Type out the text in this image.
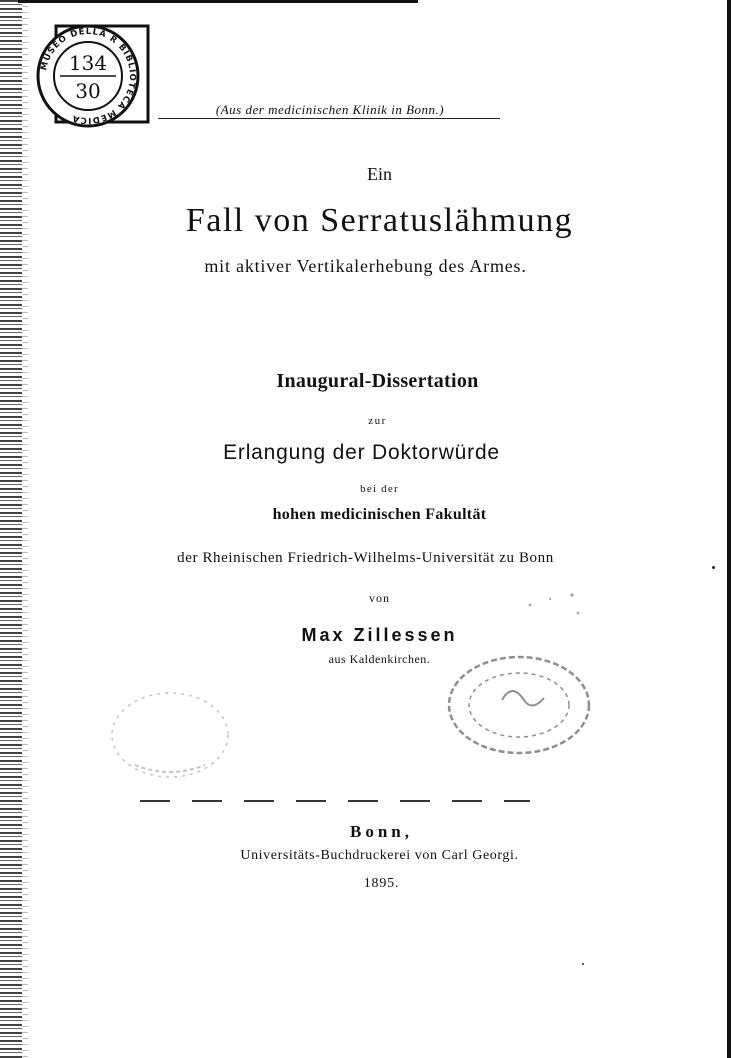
MUSEO DELLA R BIBLIOTECA MEDICA
134
30
(Aus der medicinischen Klinik in Bonn.)
Ein
Fall von Serratuslähmung
mit aktiver Vertikalerhebung des Armes.
Inaugural-Dissertation
zur
Erlangung der Doktorwürde
bei der
hohen medicinischen Fakultät
der Rheinischen Friedrich-Wilhelms-Universität zu Bonn
von
Max Zillessen
aus Kaldenkirchen.
Bonn,
Universitäts-Buchdruckerei von Carl Georgi.
1895.
